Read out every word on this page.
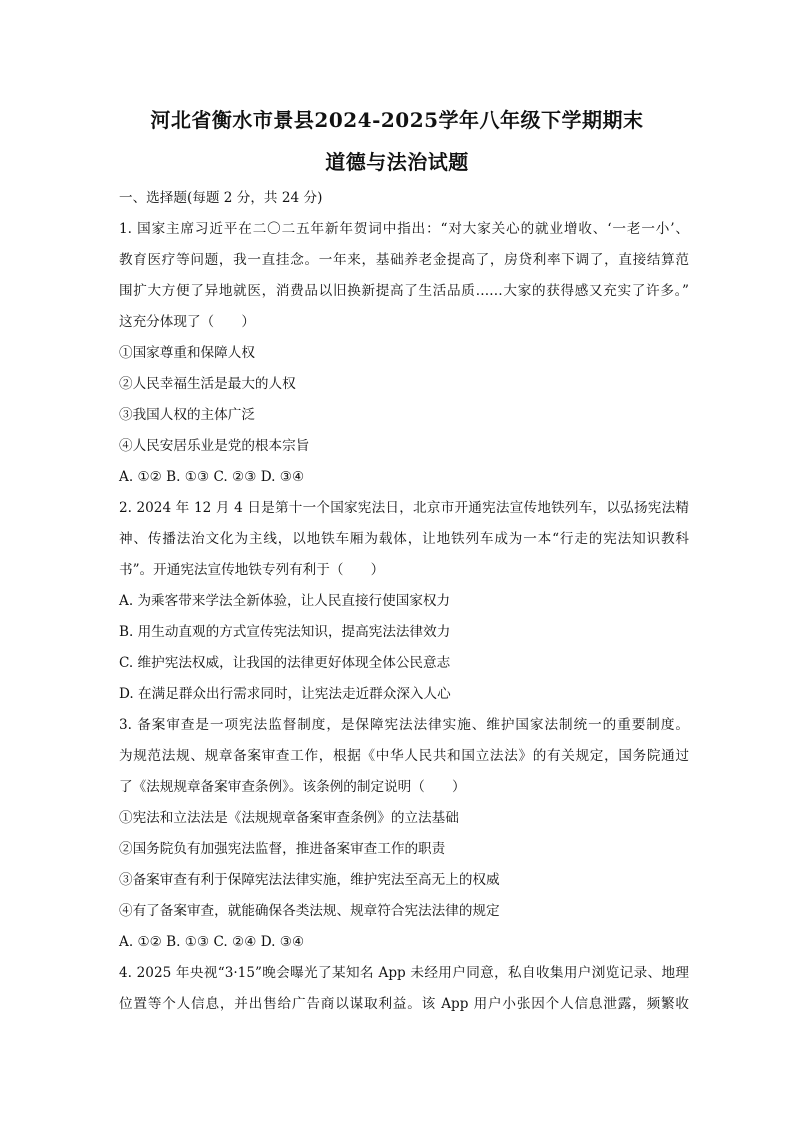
河北省衡水市景县2024-2025学年八年级下学期期末
道德与法治试题
一、选择题(每题 2 分，共 24 分)
1. 国家主席习近平在二〇二五年新年贺词中指出：“对大家关心的就业增收、‘一老一小’、
教育医疗等问题，我一直挂念。一年来，基础养老金提高了，房贷利率下调了，直接结算范
围扩大方便了异地就医，消费品以旧换新提高了生活品质……大家的获得感又充实了许多。”
这充分体现了（　　）
①国家尊重和保障人权
②人民幸福生活是最大的人权
③我国人权的主体广泛
④人民安居乐业是党的根本宗旨
A. ①② B. ①③ C. ②③ D. ③④
2. 2024 年 12 月 4 日是第十一个国家宪法日，北京市开通宪法宣传地铁列车，以弘扬宪法精
神、传播法治文化为主线，以地铁车厢为载体，让地铁列车成为一本“行走的宪法知识教科
书”。开通宪法宣传地铁专列有利于（　　）
A. 为乘客带来学法全新体验，让人民直接行使国家权力
B. 用生动直观的方式宣传宪法知识，提高宪法法律效力
C. 维护宪法权威，让我国的法律更好体现全体公民意志
D. 在满足群众出行需求同时，让宪法走近群众深入人心
3. 备案审查是一项宪法监督制度，是保障宪法法律实施、维护国家法制统一的重要制度。
为规范法规、规章备案审查工作，根据《中华人民共和国立法法》的有关规定，国务院通过
了《法规规章备案审查条例》。该条例的制定说明（　　）
①宪法和立法法是《法规规章备案审查条例》的立法基础
②国务院负有加强宪法监督，推进备案审查工作的职责
③备案审查有利于保障宪法法律实施，维护宪法至高无上的权威
④有了备案审查，就能确保各类法规、规章符合宪法法律的规定
A. ①② B. ①③ C. ②④ D. ③④
4. 2025 年央视“3·15”晚会曝光了某知名 App 未经用户同意，私自收集用户浏览记录、地理
位置等个人信息，并出售给广告商以谋取利益。该 App 用户小张因个人信息泄露，频繁收
